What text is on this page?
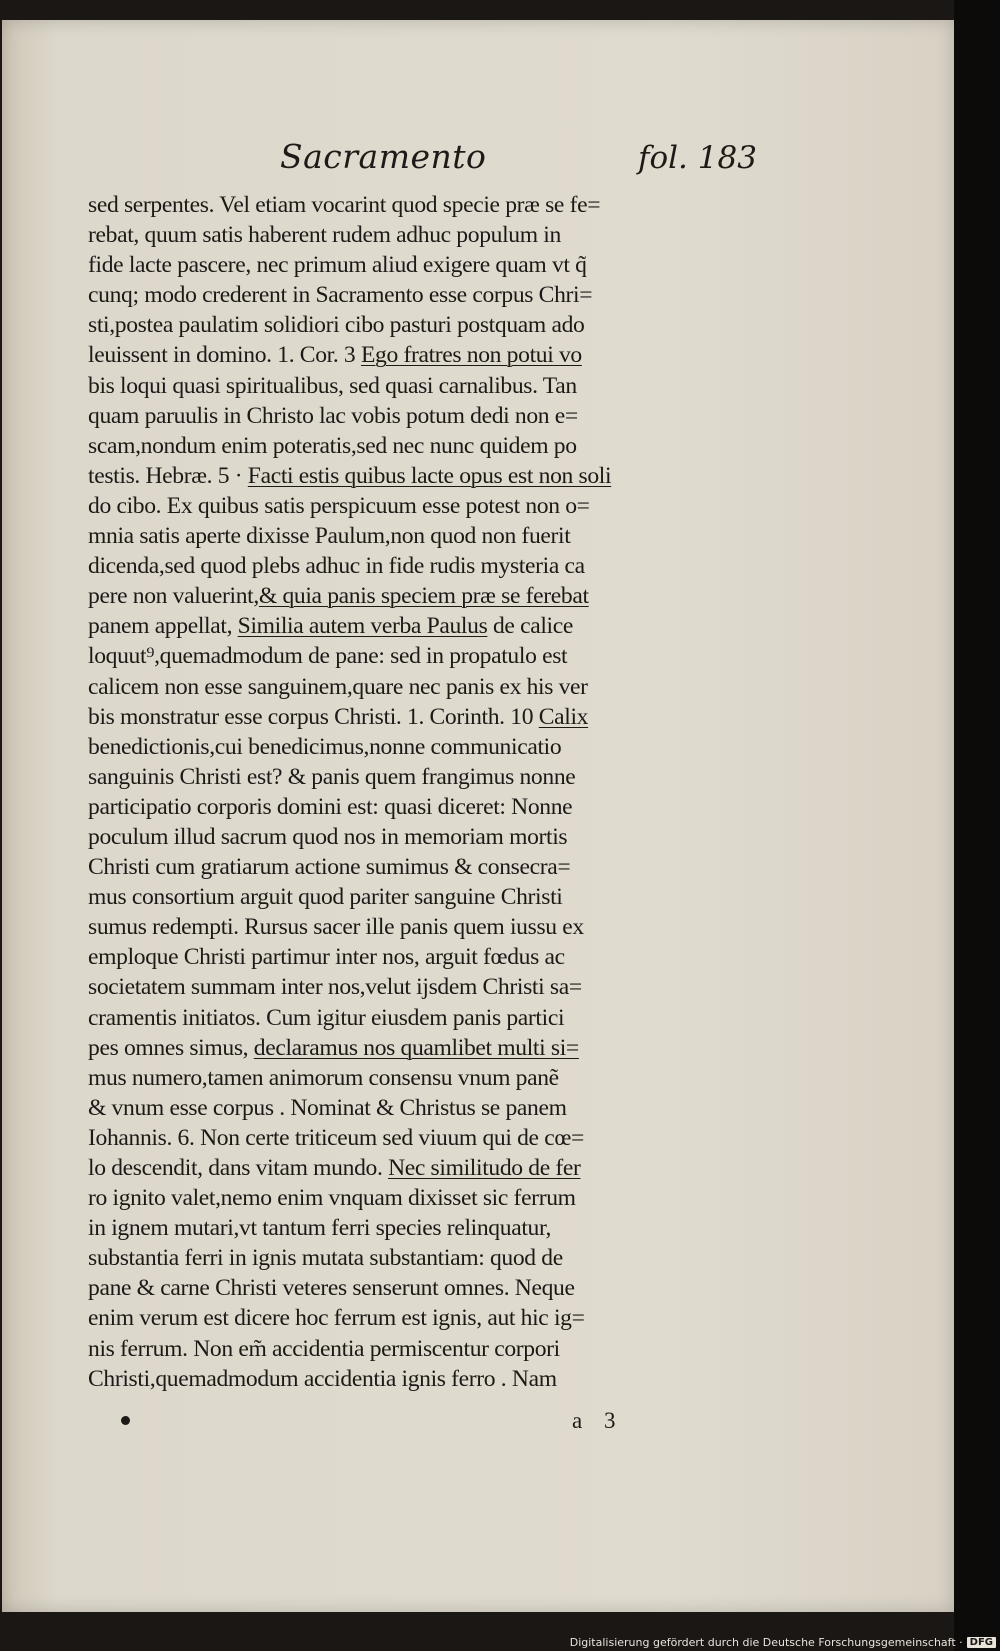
Sacramento	fol. 183
sed serpentes. Vel etiam vocarint quod specie præ se fe=
rebat, quum satis haberent rudem adhuc populum in
fide lacte pascere, nec primum aliud exigere quam vt q̃
cunq; modo crederent in Sacramento esse corpus Chri=
sti,postea paulatim solidiori cibo pasturi postquam ado
leuissent in domino. 1. Cor. 3 Ego fratres non potui vo
bis loqui quasi spiritualibus, sed quasi carnalibus. Tan
quam paruulis in Christo lac vobis potum dedi non e=
scam,nondum enim poteratis,sed nec nunc quidem po
testis. Hebræ. 5 · Facti estis quibus lacte opus est non soli
do cibo. Ex quibus satis perspicuum esse potest non o=
mnia satis aperte dixisse Paulum,non quod non fuerit
dicenda,sed quod plebs adhuc in fide rudis mysteria ca
pere non valuerint,& quia panis speciem præ se ferebat
panem appellat, Similia autem verba Paulus de calice
loquut⁹,quemadmodum de pane: sed in propatulo est
calicem non esse sanguinem,quare nec panis ex his ver
bis monstratur esse corpus Christi. 1. Corinth. 10 Calix
benedictionis,cui benedicimus,nonne communicatio
sanguinis Christi est? & panis quem frangimus nonne
participatio corporis domini est: quasi diceret: Nonne
poculum illud sacrum quod nos in memoriam mortis
Christi cum gratiarum actione sumimus & consecra=
mus consortium arguit quod pariter sanguine Christi
sumus redempti. Rursus sacer ille panis quem iussu ex
emploque Christi partimur inter nos, arguit fœdus ac
societatem summam inter nos,velut ijsdem Christi sa=
cramentis initiatos. Cum igitur eiusdem panis partici
pes omnes simus, declaramus nos quamlibet multi si=
mus numero,tamen animorum consensu vnum panẽ
& vnum esse corpus . Nominat & Christus se panem
Iohannis. 6. Non certe triticeum sed viuum qui de cœ=
lo descendit, dans vitam mundo. Nec similitudo de fer
ro ignito valet,nemo enim vnquam dixisset sic ferrum
in ignem mutari,vt tantum ferri species relinquatur,
substantia ferri in ignis mutata substantiam: quod de
pane & carne Christi veteres senserunt omnes. Neque
enim verum est dicere hoc ferrum est ignis, aut hic ig=
nis ferrum. Non em̃ accidentia permiscentur corpori
Christi,quemadmodum accidentia ignis ferro . Nam
a 3
Digitalisierung gefördert durch die Deutsche Forschungsgemeinschaft · DFG
